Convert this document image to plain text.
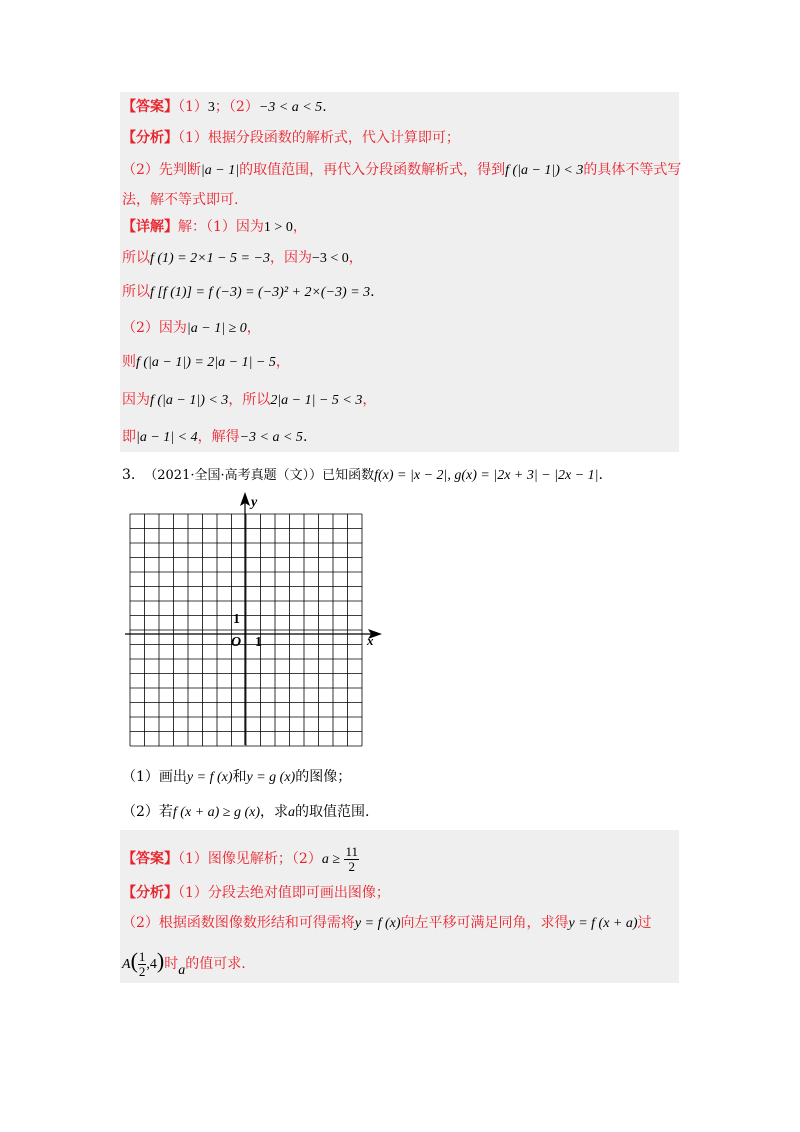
【答案】（1）3；（2）−3 < a < 5.
【分析】（1）根据分段函数的解析式，代入计算即可；
（2）先判断|a − 1|的取值范围，再代入分段函数解析式，得到f (|a − 1|) < 3的具体不等式写
法，解不等式即可.
【详解】解：（1）因为1 > 0，
所以f (1) = 2×1 − 5 = −3，因为−3 < 0，
所以f [f (1)] = f (−3) = (−3)² + 2×(−3) = 3.
（2）因为|a − 1| ≥ 0，
则f (|a − 1|) = 2|a − 1| − 5，
因为f (|a − 1|) < 3，所以2|a − 1| − 5 < 3，
即|a − 1| < 4，解得−3 < a < 5.
3. （2021·全国·高考真题（文））已知函数f(x) = |x − 2|, g(x) = |2x + 3| − |2x − 1|.
y
x
O 1
1
（1）画出y = f (x)和y = g (x)的图像；
（2）若f (x + a) ≥ g (x)，求a的取值范围.
【答案】（1）图像见解析；$(2)a \ge \frac{11}{2}$
【分析】（1）分段去绝对值即可画出图像；
（2）根据函数图像数形结和可得需将y = f (x)向左平移可满足同角，求得y = f (x + a)过
$A( \frac{1}{2} ,4)$时a的值可求.
